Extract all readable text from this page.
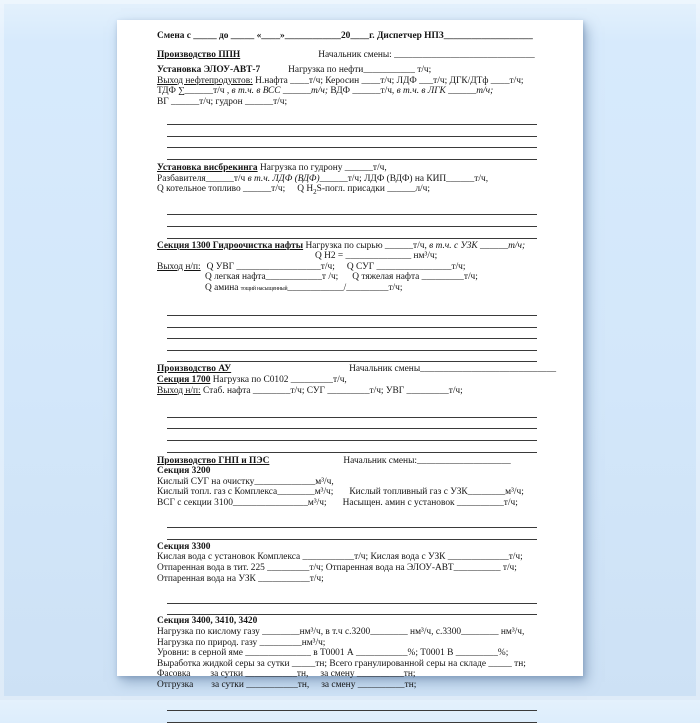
Смена с _____ до _____ «____»____________20____г. Диспетчер НПЗ___________________
Производство ППН	Начальник смены: ______________________________
Установка ЭЛОУ-АВТ-7	Нагрузка по нефти___________ т/ч;
Выход нефтепродуктов: Н.нафта ____т/ч; Керосин ____т/ч; ЛДФ ___т/ч; ДГК/ДТф ____т/ч;
ТДФ ∑______т/ч , в т.ч. в ВСС ______т/ч; ВДФ ______т/ч, в т.ч. в ЛГК ______т/ч;
ВГ ______т/ч; гудрон ______т/ч;
Установка висбрекинга Нагрузка по гудрону ______т/ч,
Разбавителя______т/ч в т.ч. ЛДФ (ВДФ)______т/ч; ЛДФ (ВДФ) на КИП______т/ч,
Q котельное топливо ______т/ч; Q $H_2S$-погл. присадки ______л/ч;
Секция 1300 Гидроочистка нафты Нагрузка по сырью ______т/ч, в т.ч. с УЗК ______т/ч;
Q H2 = ______________ нм³/ч;
Выход н/п: Q УВГ __________________т/ч; Q СУГ ________________т/ч;
Q легкая нафта____________т /ч; Q тяжелая нафта _________т/ч;
Q амина тощий насыщенный____________/_________т/ч;
Производство АУ	Начальник смены_____________________________
Секция 1700 Нагрузка по С0102 _________т/ч,
Выход н/п: Стаб. нафта ________т/ч; СУГ _________т/ч; УВГ _________т/ч;
Производство ГНП и ПЭС	Начальник смены:____________________
Секция 3200
Кислый СУГ на очистку_____________м³/ч,
Кислый топл. газ с Комплекса________м³/ч; Кислый топливный газ с УЗК________м³/ч;
ВСГ с секции 3100________________м³/ч; Насыщен. амин с установок __________т/ч;
Секция 3300
Кислая вода с установок Комплекса ___________т/ч; Кислая вода с УЗК _____________т/ч;
Отпаренная вода в тит. 225 _________т/ч; Отпаренная вода на ЭЛОУ-АВТ__________ т/ч;
Отпаренная вода на УЗК ___________т/ч;
Секция 3400, 3410, 3420
Нагрузка по кислому газу ________нм³/ч, в т.ч с.3200________ нм³/ч, с.3300________ нм³/ч,
Нагрузка по природ. газу _________нм³/ч;
Уровни: в серной яме ______________ в Т0001 А ___________%; Т0001 В _________%;
Выработка жидкой серы за сутки _____тн; Всего гранулированной серы на складе _____ тн;
Фасовка за сутки ___________тн, за смену __________тн;
Отгрузка за сутки ___________тн, за смену __________тн;
